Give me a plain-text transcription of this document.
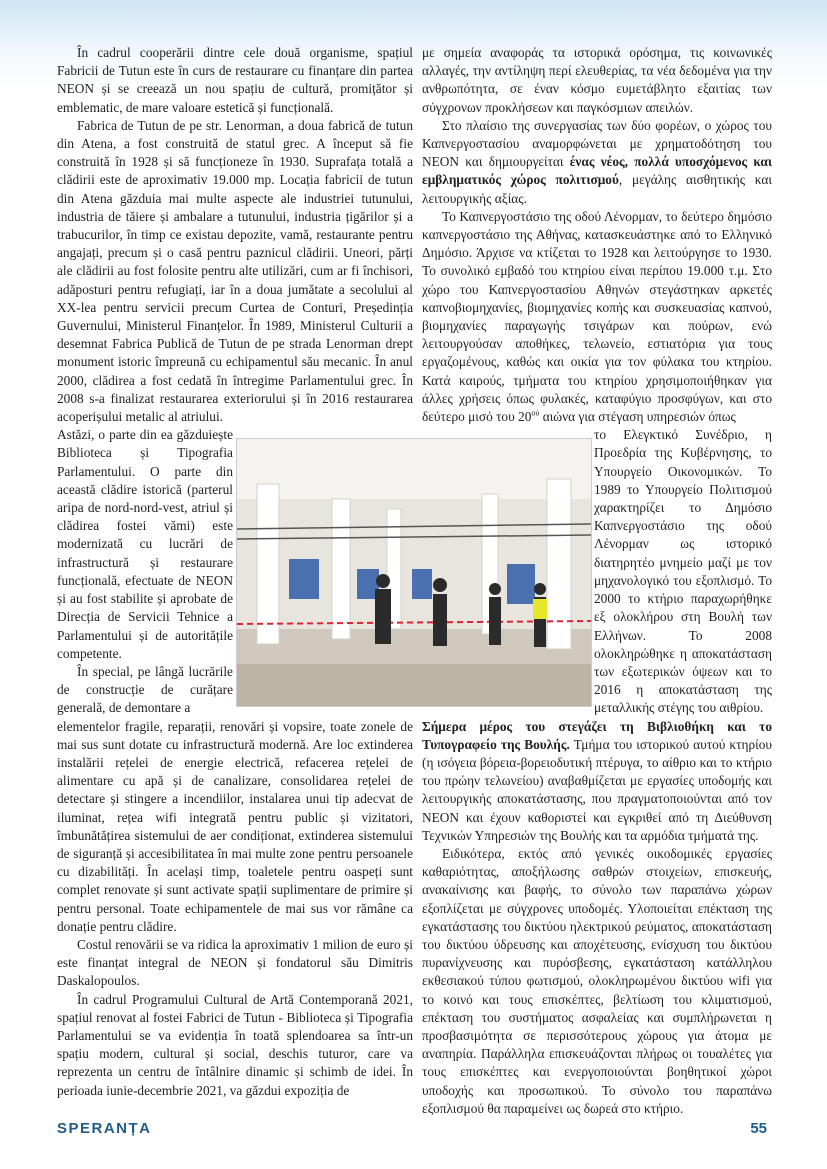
În cadrul cooperării dintre cele două organisme, spațiul Fabricii de Tutun este în curs de restaurare cu finanțare din partea NEON și se creează un nou spațiu de cultură, promițător și emblematic, de mare valoare estetică și funcțională.

Fabrica de Tutun de pe str. Lenorman, a doua fabrică de tutun din Atena, a fost construită de statul grec. A început să fie construită în 1928 și să funcționeze în 1930. Suprafața totală a clădirii este de aproximativ 19.000 mp. Locația fabricii de tutun din Atena găzduia mai multe aspecte ale industriei tutunului, industria de tăiere și ambalare a tutunului, industria țigărilor și a trabucurilor, în timp ce existau depozite, vamă, restaurante pentru angajați, precum și o casă pentru paznicul clădirii. Uneori, părți ale clădirii au fost folosite pentru alte utilizări, cum ar fi închisori, adăposturi pentru refugiați, iar în a doua jumătate a secolului al XX-lea pentru servicii precum Curtea de Conturi, Președinția Guvernului, Ministerul Finanțelor. În 1989, Ministerul Culturii a desemnat Fabrica Publică de Tutun de pe strada Lenorman drept monument istoric împreună cu echipamentul său mecanic. În anul 2000, clădirea a fost cedată în întregime Parlamentului grec. În 2008 s-a finalizat restaurarea exteriorului și în 2016 restaurarea acoperișului metalic al atriului.

Astăzi, o parte din ea găzduiește Biblioteca și Tipografia Parlamentului. O parte din această clădire istorică (parterul aripa de nord-nord-vest, atriul și clădirea fostei vămi) este modernizată cu lucrări de infrastructură și restaurare funcțională, efectuate de NEON și au fost stabilite și aprobate de Direcția de Servicii Tehnice a Parlamentului și de autoritățile competente.

În special, pe lângă lucrările de construcție de curățare generală, de demontare a

elementelor fragile, reparații, renovări și vopsire, toate zonele de mai sus sunt dotate cu infrastructură modernă. Are loc extinderea instalării rețelei de energie electrică, refacerea rețelei de alimentare cu apă și de canalizare, consolidarea rețelei de detectare și stingere a incendiilor, instalarea unui tip adecvat de iluminat, rețea wifi integrată pentru public și vizitatori, îmbunătățirea sistemului de aer condiționat, extinderea sistemului de siguranță și accesibilitatea în mai multe zone pentru persoanele cu dizabilități. În același timp, toaletele pentru oaspeți sunt complet renovate și sunt activate spații suplimentare de primire și pentru personal. Toate echipamentele de mai sus vor rămâne ca donație pentru clădire.

Costul renovării se va ridica la aproximativ 1 milion de euro și este finanțat integral de NEON și fondatorul său Dimitris Daskalopoulos.

În cadrul Programului Cultural de Artă Contemporană 2021, spațiul renovat al fostei Fabrici de Tutun - Biblioteca și Tipografia Parlamentului se va evidenția în toată splendoarea sa într-un spațiu modern, cultural și social, deschis tuturor, care va reprezenta un centru de întâlnire dinamic și schimb de idei. În perioada iunie-decembrie 2021, va găzdui expoziția de

με σημεία αναφοράς τα ιστορικά ορόσημα, τις κοινωνικές αλλαγές, την αντίληψη περί ελευθερίας, τα νέα δεδομένα για την ανθρωπότητα, σε έναν κόσμο ευμετάβλητο εξαιτίας των σύγχρονων προκλήσεων και παγκόσμιων απειλών.

Στο πλαίσιο της συνεργασίας των δύο φορέων, ο χώρος του Καπνεργοστασίου αναμορφώνεται με χρηματοδότηση του NEON και δημιουργείται ένας νέος, πολλά υποσχόμενος και εμβληματικός χώρος πολιτισμού, μεγάλης αισθητικής και λειτουργικής αξίας.

Το Καπνεργοστάσιο της οδού Λένορμαν, το δεύτερο δημόσιο καπνεργοστάσιο της Αθήνας, κατασκευάστηκε από το Ελληνικό Δημόσιο. Άρχισε να κτίζεται το 1928 και λειτούργησε το 1930. Το συνολικό εμβαδό του κτηρίου είναι περίπου 19.000 τ.μ. Στο χώρο του Καπνεργοστασίου Αθηνών στεγάστηκαν αρκετές καπνοβιομηχανίες, βιομηχανίες κοπής και συσκευασίας καπνού, βιομηχανίες παραγωγής τσιγάρων και πούρων, ενώ λειτουργούσαν αποθήκες, τελωνείο, εστιατόρια για τους εργαζομένους, καθώς και οικία για τον φύλακα του κτηρίου. Κατά καιρούς, τμήματα του κτηρίου χρησιμοποιήθηκαν για άλλες χρήσεις όπως φυλακές, καταφύγιο προσφύγων, και στο δεύτερο μισό του $20^{oύ}$ αιώνα για στέγαση υπηρεσιών όπως

το Ελεγκτικό Συνέδριο, η Προεδρία της Κυβέρνησης, το Υπουργείο Οικονομικών. Το 1989 το Υπουργείο Πολιτισμού χαρακτηρίζει το Δημόσιο Καπνεργοστάσιο της οδού Λένορμαν ως ιστορικό διατηρητέο μνημείο μαζί με τον μηχανολογικό του εξοπλισμό. Το 2000 το κτήριο παραχωρήθηκε εξ ολοκλήρου στη Βουλή των Ελλήνων. Το 2008 ολοκληρώθηκε η αποκατάσταση των εξωτερικών όψεων και το 2016 η αποκατάσταση της μεταλλικής στέγης του αιθρίου.

Σήμερα μέρος του στεγάζει τη Βιβλιοθήκη και το Τυπογραφείο της Βουλής. Τμήμα του ιστορικού αυτού κτηρίου (η ισόγεια βόρεια-βορειοδυτική πτέρυγα, το αίθριο και το κτήριο του πρώην τελωνείου) αναβαθμίζεται με εργασίες υποδομής και λειτουργικής αποκατάστασης, που πραγματοποιούνται από τον NEON και έχουν καθοριστεί και εγκριθεί από τη Διεύθυνση Τεχνικών Υπηρεσιών της Βουλής και τα αρμόδια τμήματά της.

Ειδικότερα, εκτός από γενικές οικοδομικές εργασίες καθαριότητας, αποξήλωσης σαθρών στοιχείων, επισκευής, ανακαίνισης και βαφής, το σύνολο των παραπάνω χώρων εξοπλίζεται με σύγχρονες υποδομές. Υλοποιείται επέκταση της εγκατάστασης του δικτύου ηλεκτρικού ρεύματος, αποκατάσταση του δικτύου ύδρευσης και αποχέτευσης, ενίσχυση του δικτύου πυρανίχνευσης και πυρόσβεσης, εγκατάσταση κατάλληλου εκθεσιακού τύπου φωτισμού, ολοκληρωμένου δικτύου wifi για το κοινό και τους επισκέπτες, βελτίωση του κλιματισμού, επέκταση του συστήματος ασφαλείας και συμπλήρωνεται η προσβασιμότητα σε περισσότερους χώρους για άτομα με αναπηρία. Παράλληλα επισκευάζονται πλήρως οι τουαλέτες για τους επισκέπτες και ενεργοποιούνται βοηθητικοί χώροι υποδοχής και προσωπικού. Το σύνολο του παραπάνω εξοπλισμού θα παραμείνει ως δωρεά στο κτήριο.

SPERANȚA	55
